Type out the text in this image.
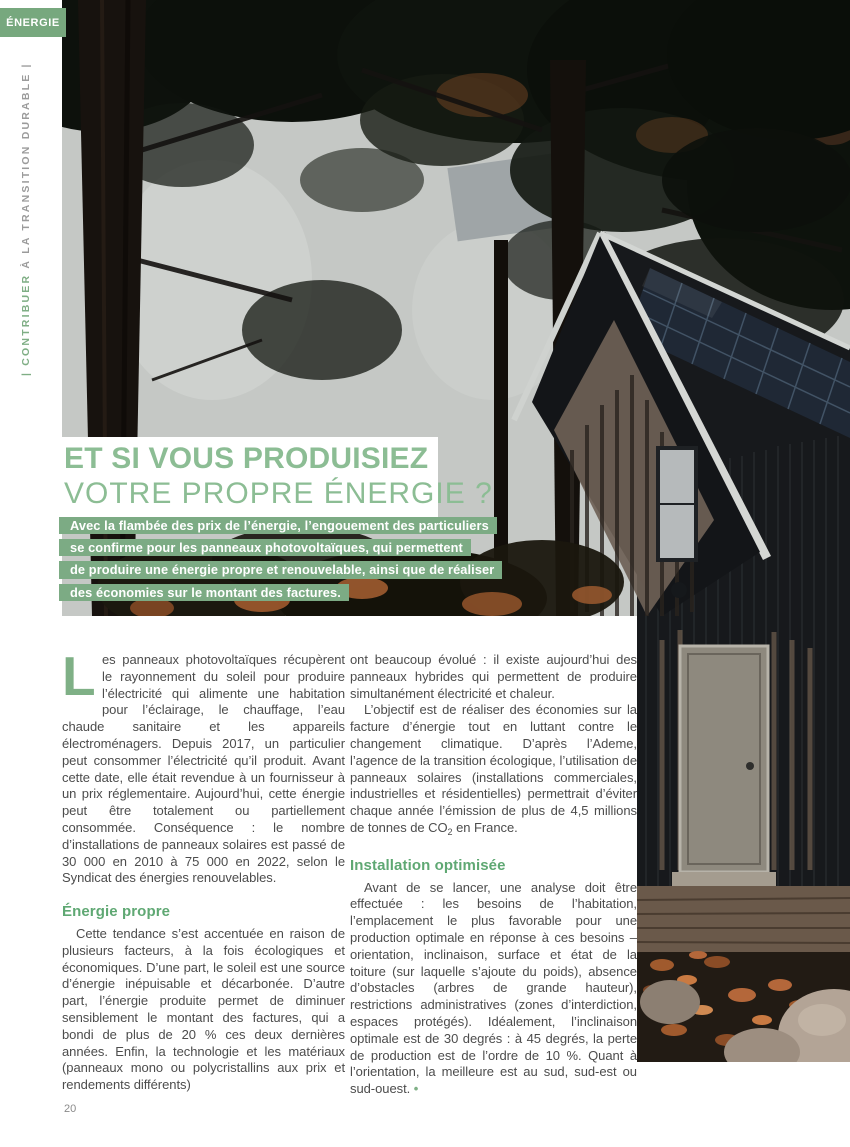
ÉNERGIE
| CONTRIBUER À LA TRANSITION DURABLE |
ET SI VOUS PRODUISIEZ
VOTRE PROPRE ÉNERGIE ?
Avec la flambée des prix de l’énergie, l’engouement des particuliers
se confirme pour les panneaux photovoltaïques, qui permettent
de produire une énergie propre et renouvelable, ainsi que de réaliser
des économies sur le montant des factures.

Les panneaux photovoltaïques récupèrent le rayonnement du soleil pour produire l’électricité qui alimente une habitation pour l’éclairage, le chauffage, l’eau chaude sanitaire et les appareils électroménagers. Depuis 2017, un particulier peut consommer l’électricité qu’il produit. Avant cette date, elle était revendue à un fournisseur à un prix réglementaire. Aujourd’hui, cette énergie peut être totalement ou partiellement consommée. Conséquence : le nombre d’installations de panneaux solaires est passé de 30 000 en 2010 à 75 000 en 2022, selon le Syndicat des énergies renouvelables.

Énergie propre

Cette tendance s’est accentuée en raison de plusieurs facteurs, à la fois écologiques et économiques. D’une part, le soleil est une source d’énergie inépuisable et décarbonée. D’autre part, l’énergie produite permet de diminuer sensiblement le montant des factures, qui a bondi de plus de 20 % ces deux dernières années. Enfin, la technologie et les matériaux (panneaux mono ou polycristallins aux prix et rendements différents)

ont beaucoup évolué : il existe aujourd’hui des panneaux hybrides qui permettent de produire simultanément électricité et chaleur.

L’objectif est de réaliser des économies sur la facture d’énergie tout en luttant contre le changement climatique. D’après l’Ademe, l’agence de la transition écologique, l’utilisation de panneaux solaires (installations commerciales, industrielles et résidentielles) permettrait d’éviter chaque année l’émission de plus de 4,5 millions de tonnes de $CO_2$ en France.

Installation optimisée

Avant de se lancer, une analyse doit être effectuée : les besoins de l’habitation, l’emplacement le plus favorable pour une production optimale en réponse à ces besoins – orientation, inclinaison, surface et état de la toiture (sur laquelle s’ajoute du poids), absence d’obstacles (arbres de grande hauteur), restrictions administratives (zones d’interdiction, espaces protégés). Idéalement, l’inclinaison optimale est de 30 degrés : à 45 degrés, la perte de production est de l’ordre de 10 %. Quant à l’orientation, la meilleure est au sud, sud-est ou sud-ouest. •

20
